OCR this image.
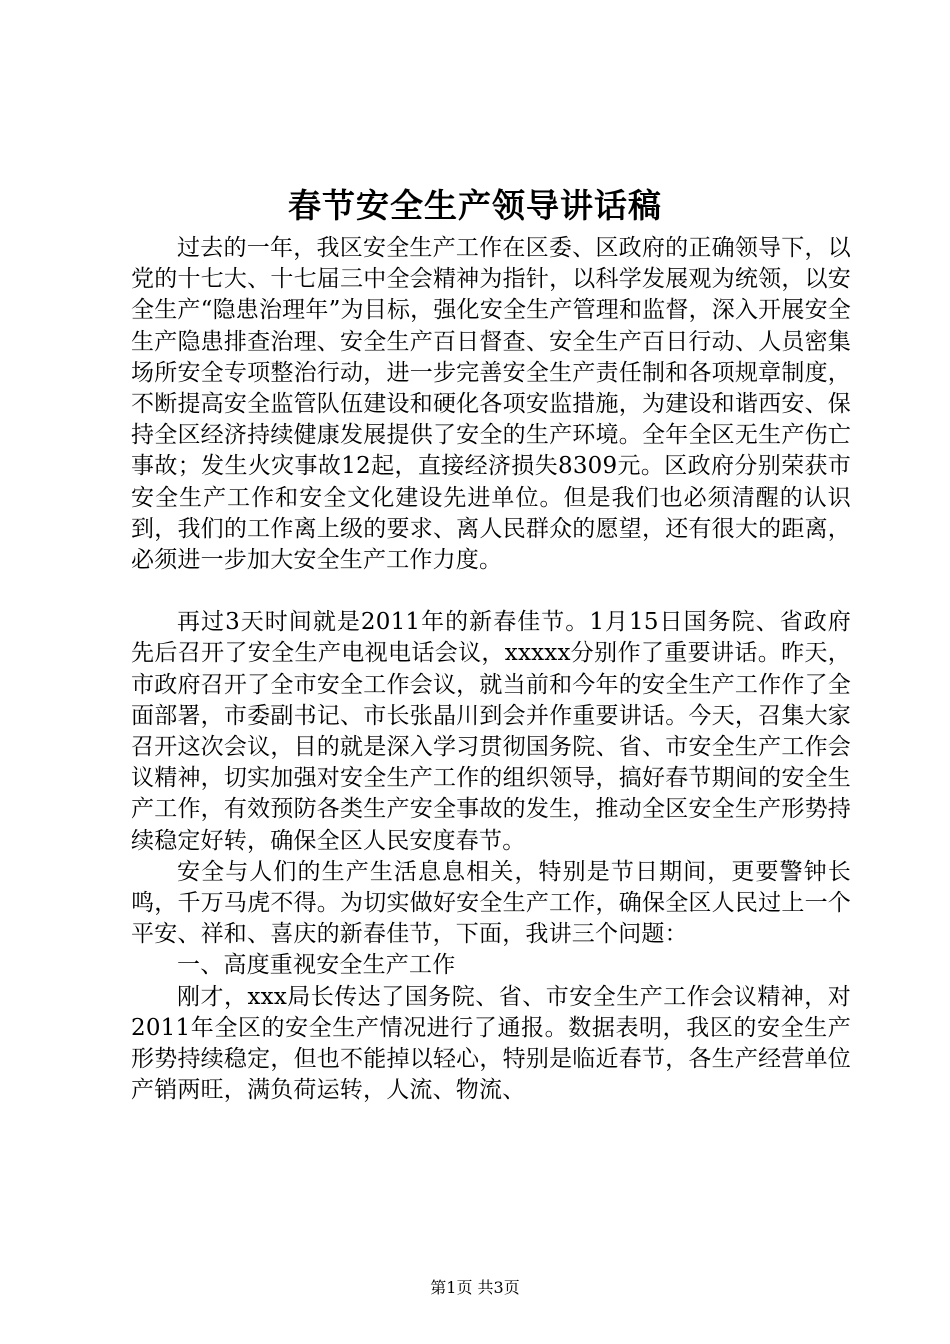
春节安全生产领导讲话稿

过去的一年，我区安全生产工作在区委、区政府的正确领导下，以党的十七大、十七届三中全会精神为指针，以科学发展观为统领，以安全生产“隐患治理年”为目标，强化安全生产管理和监督，深入开展安全生产隐患排查治理、安全生产百日督查、安全生产百日行动、人员密集场所安全专项整治行动，进一步完善安全生产责任制和各项规章制度，不断提高安全监管队伍建设和硬化各项安监措施，为建设和谐西安、保持全区经济持续健康发展提供了安全的生产环境。全年全区无生产伤亡事故；发生火灾事故12起，直接经济损失8309元。区政府分别荣获市安全生产工作和安全文化建设先进单位。但是我们也必须清醒的认识到，我们的工作离上级的要求、离人民群众的愿望，还有很大的距离，必须进一步加大安全生产工作力度。

再过3天时间就是2011年的新春佳节。1月15日国务院、省政府先后召开了安全生产电视电话会议，xxxxx分别作了重要讲话。昨天，市政府召开了全市安全工作会议，就当前和今年的安全生产工作作了全面部署，市委副书记、市长张晶川到会并作重要讲话。今天，召集大家召开这次会议，目的就是深入学习贯彻国务院、省、市安全生产工作会议精神，切实加强对安全生产工作的组织领导，搞好春节期间的安全生产工作，有效预防各类生产安全事故的发生，推动全区安全生产形势持续稳定好转，确保全区人民安度春节。

安全与人们的生产生活息息相关，特别是节日期间，更要警钟长鸣，千万马虎不得。为切实做好安全生产工作，确保全区人民过上一个平安、祥和、喜庆的新春佳节，下面，我讲三个问题：

一、高度重视安全生产工作

刚才，xxx局长传达了国务院、省、市安全生产工作会议精神，对2011年全区的安全生产情况进行了通报。数据表明，我区的安全生产形势持续稳定，但也不能掉以轻心，特别是临近春节，各生产经营单位产销两旺，满负荷运转，人流、物流、

第1页 共3页
